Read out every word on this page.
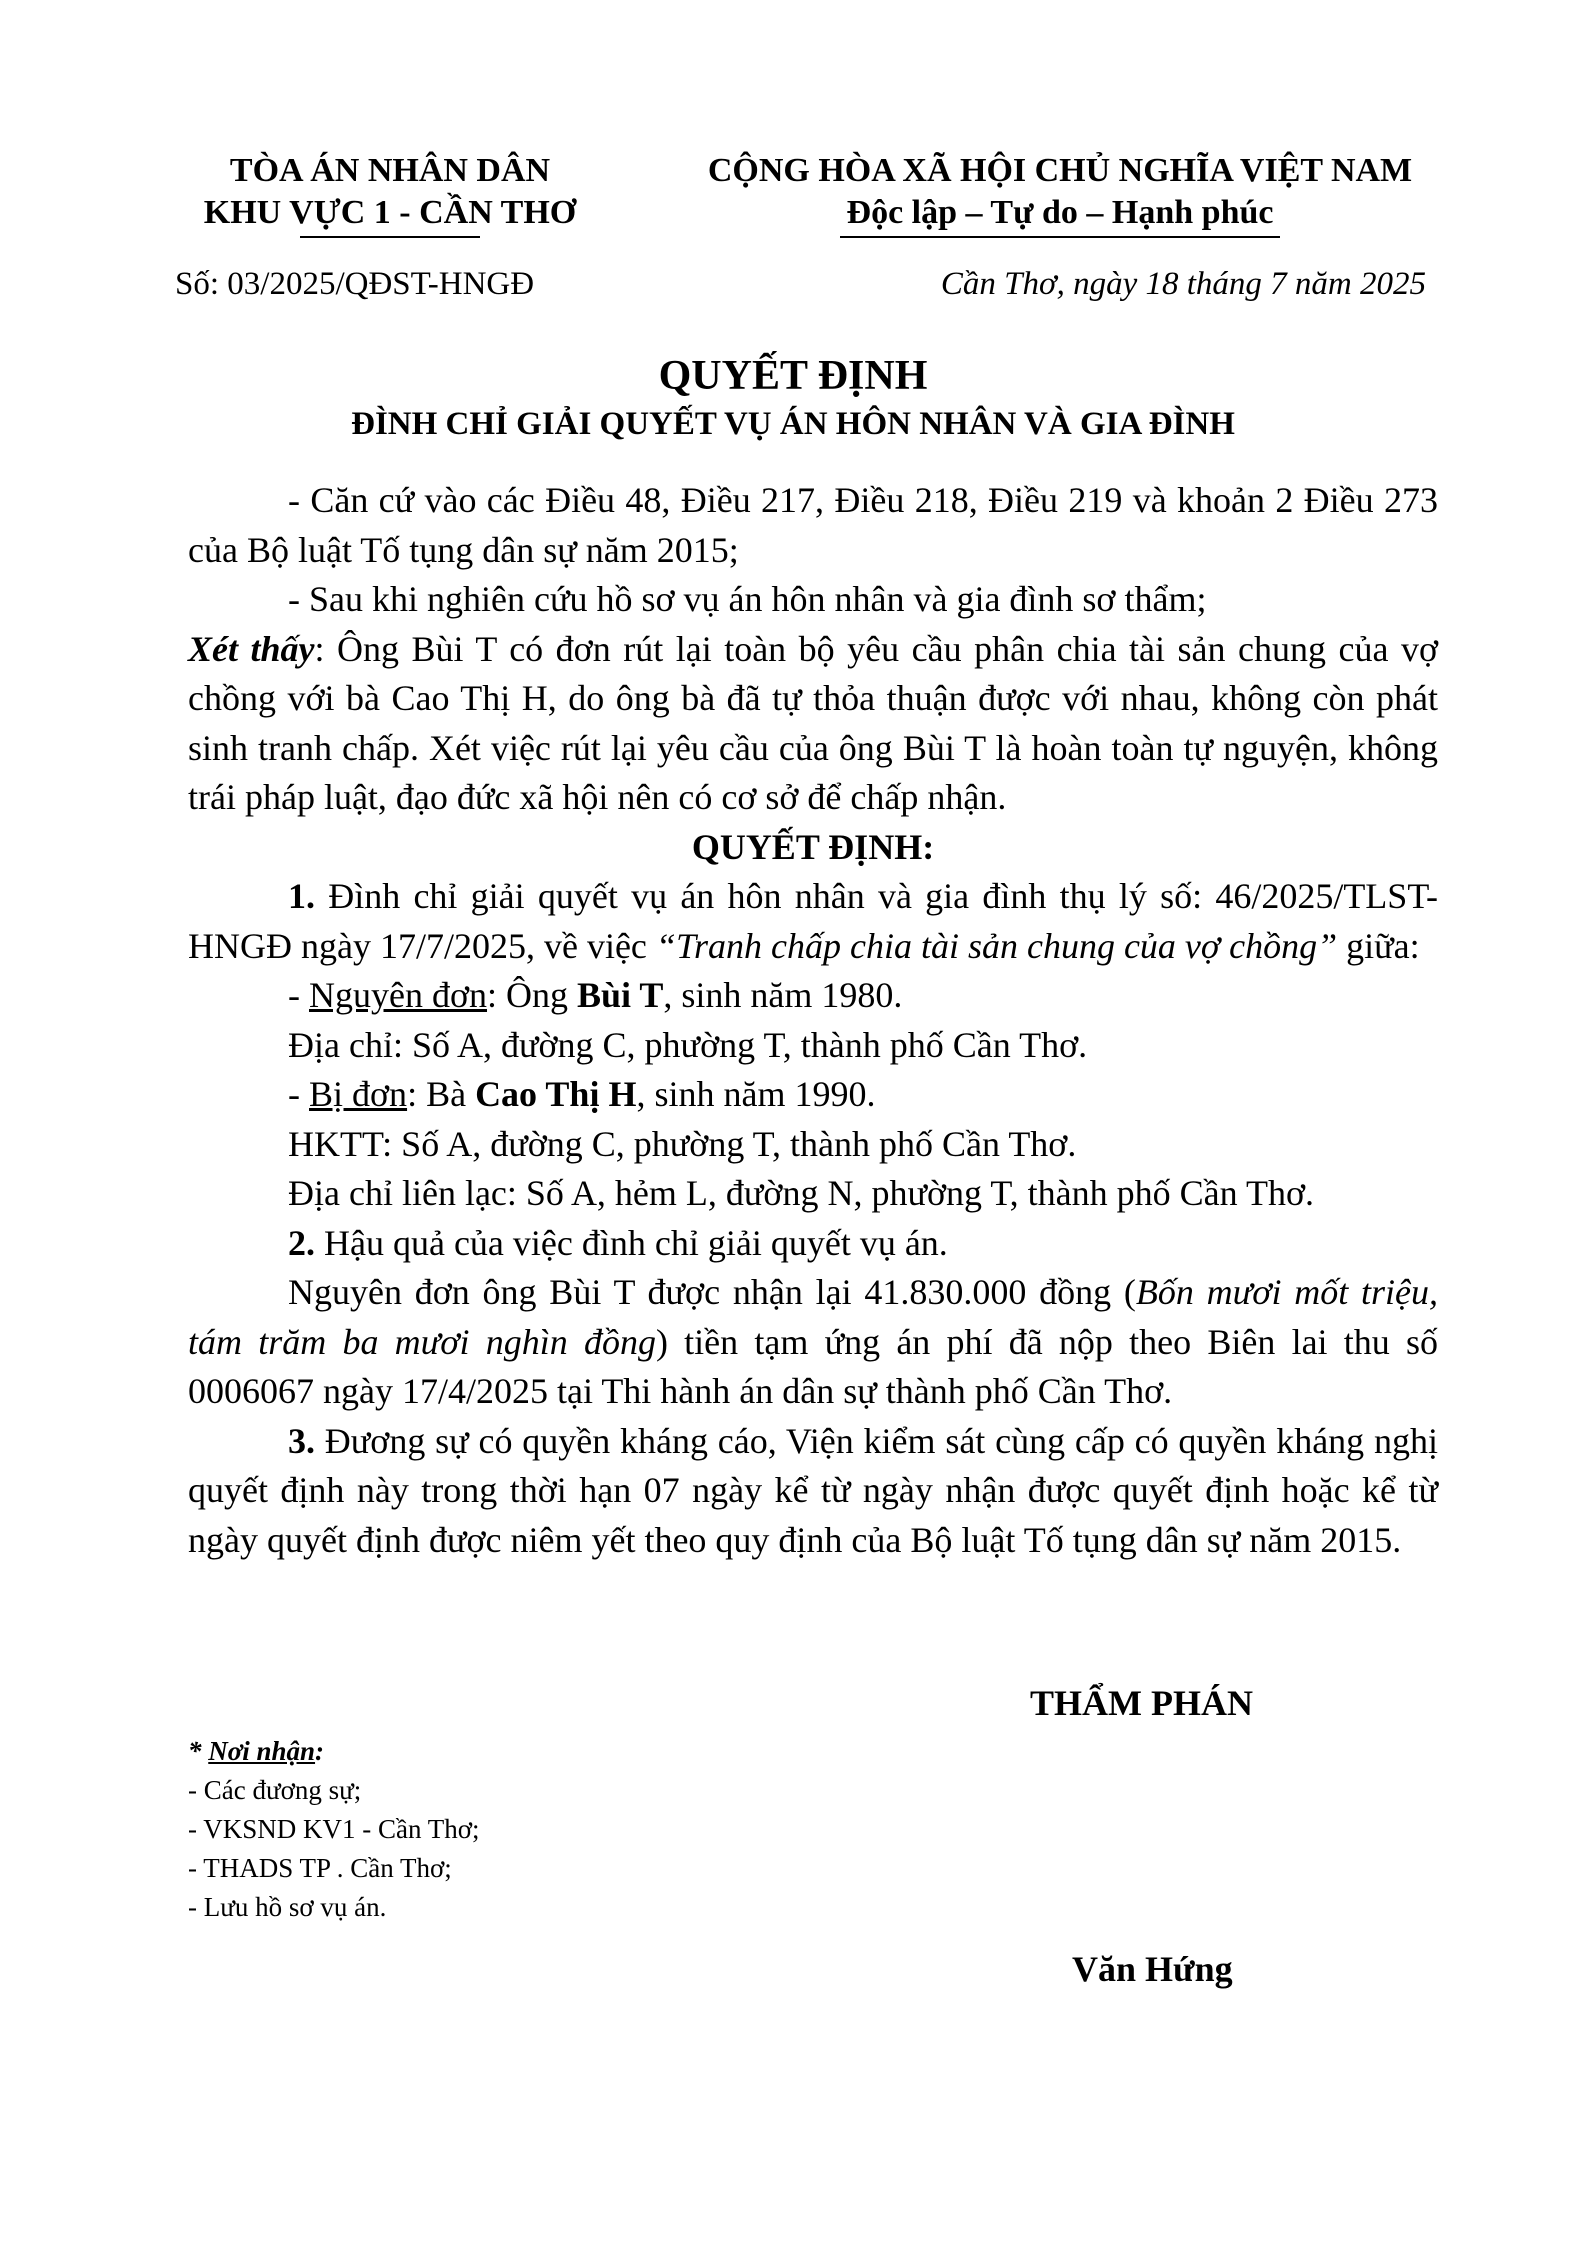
TÒA ÁN NHÂN DÂN
KHU VỰC 1 - CẦN THƠ
CỘNG HÒA XÃ HỘI CHỦ NGHĨA VIỆT NAM
Độc lập – Tự do – Hạnh phúc
Số: 03/2025/QĐST-HNGĐ	Cần Thơ, ngày 18 tháng 7 năm 2025
QUYẾT ĐỊNH
ĐÌNH CHỈ GIẢI QUYẾT VỤ ÁN HÔN NHÂN VÀ GIA ĐÌNH

- Căn cứ vào các Điều 48, Điều 217, Điều 218, Điều 219 và khoản 2 Điều 273 của Bộ luật Tố tụng dân sự năm 2015;

- Sau khi nghiên cứu hồ sơ vụ án hôn nhân và gia đình sơ thẩm;

Xét thấy: Ông Bùi T có đơn rút lại toàn bộ yêu cầu phân chia tài sản chung của vợ chồng với bà Cao Thị H, do ông bà đã tự thỏa thuận được với nhau, không còn phát sinh tranh chấp. Xét việc rút lại yêu cầu của ông Bùi T là hoàn toàn tự nguyện, không trái pháp luật, đạo đức xã hội nên có cơ sở để chấp nhận.

QUYẾT ĐỊNH:

1. Đình chỉ giải quyết vụ án hôn nhân và gia đình thụ lý số: 46/2025/TLST-HNGĐ ngày 17/7/2025, về việc “Tranh chấp chia tài sản chung của vợ chồng” giữa:

- Nguyên đơn: Ông Bùi T, sinh năm 1980.

Địa chỉ: Số A, đường C, phường T, thành phố Cần Thơ.

- Bị đơn: Bà Cao Thị H, sinh năm 1990.

HKTT: Số A, đường C, phường T, thành phố Cần Thơ.

Địa chỉ liên lạc: Số A, hẻm L, đường N, phường T, thành phố Cần Thơ.

2. Hậu quả của việc đình chỉ giải quyết vụ án.

Nguyên đơn ông Bùi T được nhận lại 41.830.000 đồng (Bốn mươi mốt triệu, tám trăm ba mươi nghìn đồng) tiền tạm ứng án phí đã nộp theo Biên lai thu số 0006067 ngày 17/4/2025 tại Thi hành án dân sự thành phố Cần Thơ.

3. Đương sự có quyền kháng cáo, Viện kiểm sát cùng cấp có quyền kháng nghị quyết định này trong thời hạn 07 ngày kể từ ngày nhận được quyết định hoặc kể từ ngày quyết định được niêm yết theo quy định của Bộ luật Tố tụng dân sự năm 2015.

THẨM PHÁN
* Nơi nhận:
- Các đương sự;
- VKSND KV1 - Cần Thơ;
- THADS TP . Cần Thơ;
- Lưu hồ sơ vụ án.
Văn Hứng
